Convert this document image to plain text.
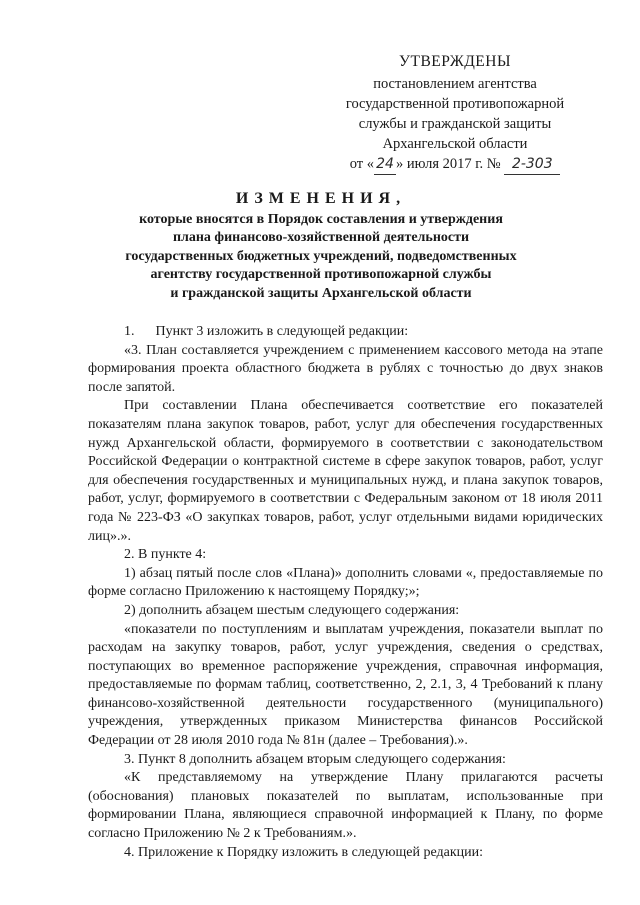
УТВЕРЖДЕНЫ
постановлением агентства
государственной противопожарной
службы и гражданской защиты
Архангельской области
от « 24 » июля 2017 г. № 2-303
ИЗМЕНЕНИЯ,
которые вносятся в Порядок составления и утверждения
плана финансово-хозяйственной деятельности
государственных бюджетных учреждений, подведомственных
агентству государственной противопожарной службы
и гражданской защиты Архангельской области

1.      Пункт 3 изложить в следующей редакции:

«3. План составляется учреждением с применением кассового метода на этапе формирования проекта областного бюджета в рублях с точностью до двух знаков после запятой.

При составлении Плана обеспечивается соответствие его показателей показателям плана закупок товаров, работ, услуг для обеспечения государственных нужд Архангельской области, формируемого в соответствии с законодательством Российской Федерации о контрактной системе в сфере закупок товаров, работ, услуг для обеспечения государственных и муниципальных нужд, и плана закупок товаров, работ, услуг, формируемого в соответствии с Федеральным законом от 18 июля 2011 года № 223-ФЗ «О закупках товаров, работ, услуг отдельными видами юридических лиц».».

2. В пункте 4:

1) абзац пятый после слов «Плана)» дополнить словами «, предоставляемые по форме согласно Приложению к настоящему Порядку;»;

2) дополнить абзацем шестым следующего содержания:

«показатели по поступлениям и выплатам учреждения, показатели выплат по расходам на закупку товаров, работ, услуг учреждения, сведения о средствах, поступающих во временное распоряжение учреждения, справочная информация, предоставляемые по формам таблиц, соответственно, 2, 2.1, 3, 4 Требований к плану финансово-хозяйственной деятельности государственного (муниципального) учреждения, утвержденных приказом Министерства финансов Российской Федерации от 28 июля 2010 года № 81н (далее – Требования).».

3. Пункт 8 дополнить абзацем вторым следующего содержания:

«К представляемому на утверждение Плану прилагаются расчеты (обоснования) плановых показателей по выплатам, использованные при формировании Плана, являющиеся справочной информацией к Плану, по форме согласно Приложению № 2 к Требованиям.».

4. Приложение к Порядку изложить в следующей редакции:
